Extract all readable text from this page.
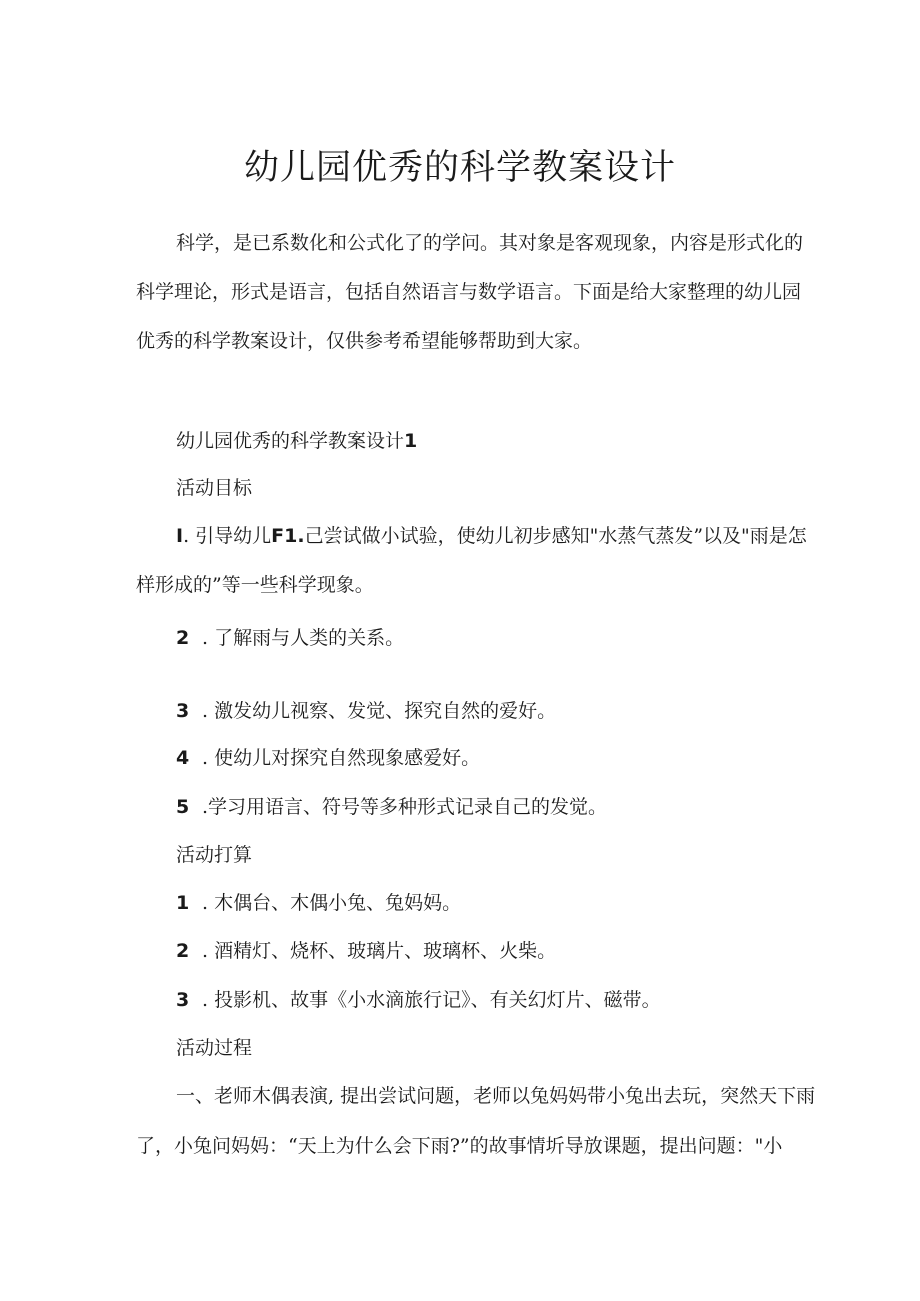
幼儿园优秀的科学教案设计

科学，是已系数化和公式化了的学问。其对象是客观现象，内容是形式化的

科学理论，形式是语言，包括自然语言与数学语言。下面是给大家整理的幼儿园

优秀的科学教案设计，仅供参考希望能够帮助到大家。

幼儿园优秀的科学教案设计1

活动目标

I. 引导幼儿F1.己尝试做小试验，使幼儿初步感知"水蒸气蒸发”以及"雨是怎

样形成的”等一些科学现象。

2 . 了解雨与人类的关系。

3 . 激发幼儿视察、发觉、探究自然的爱好。

4 . 使幼儿对探究自然现象感爱好。

5 .学习用语言、符号等多种形式记录自己的发觉。

活动打算

1 . 木偶台、木偶小兔、兔妈妈。

2 . 酒精灯、烧杯、玻璃片、玻璃杯、火柴。

3 . 投影机、故事《小水滴旅行记》、有关幻灯片、磁带。

活动过程

一、老师木偶表演, 提出尝试问题，老师以兔妈妈带小兔出去玩，突然天下雨

了，小兔问妈妈：“天上为什么会下雨?”的故事情圻导放课题，提出问题："小
